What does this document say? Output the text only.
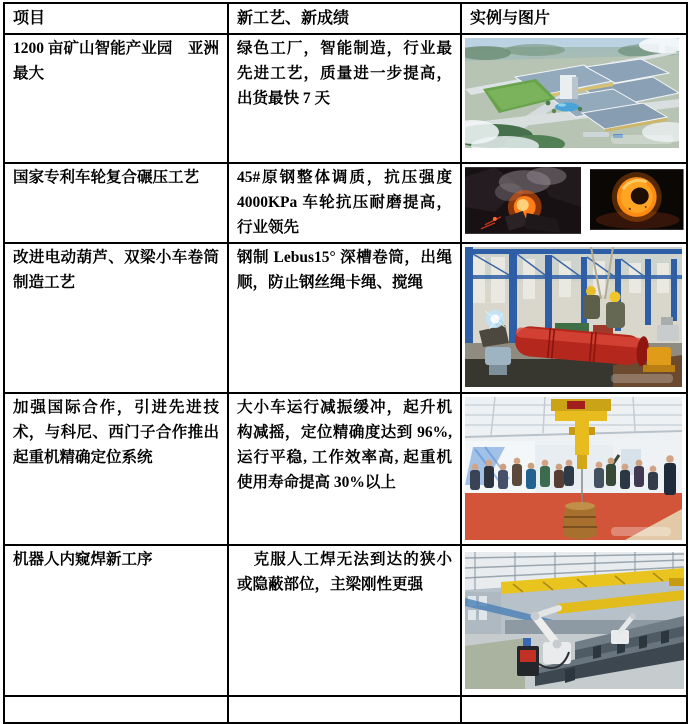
项目	新工艺、新成绩	实例与图片

1200 亩矿山智能产业园　亚洲最大	绿色工厂，智能制造，行业最先进工艺，质量进一步提高，出货最快 7 天

国家专利车轮复合碾压工艺	45#原钢整体调质，抗压强度 4000KPa 车轮抗压耐磨提高，行业领先

改进电动葫芦、双梁小车卷筒制造工艺	钢制 Lebus15° 深槽卷筒，出绳顺，防止钢丝绳卡绳、搅绳

加强国际合作，引进先进技术，与科尼、西门子合作推出起重机精确定位系统	大小车运行减振缓冲，起升机构减摇，定位精确度达到 96%, 运行平稳, 工作效率高, 起重机使用寿命提高 30%以上

机器人内窥焊新工序	　克服人工焊无法到达的狭小或隐蔽部位，主梁刚性更强
